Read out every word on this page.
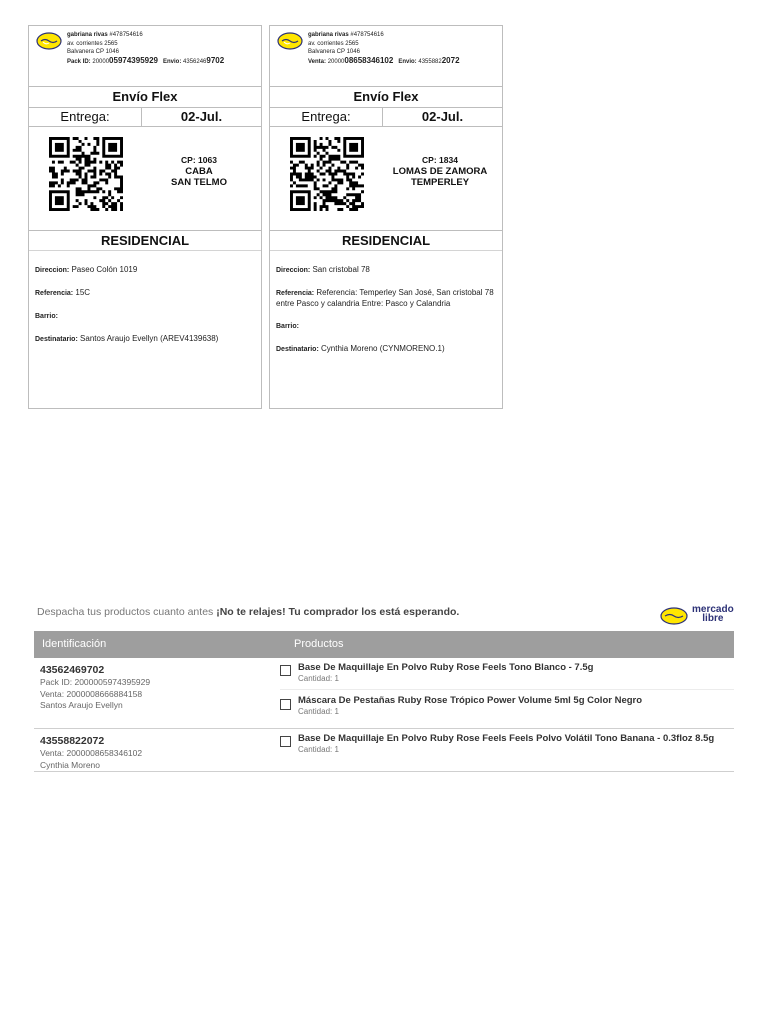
gabriana rivas #478754616
av. corrientes 2565
Balvanera CP 1046
Pack ID: 2000005974395929 Envio: 43562469702
Envío Flex
Entrega:	02-Jul.
CP: 1063
CABA
SAN TELMO
RESIDENCIAL

Direccion: Paseo Colón 1019

Referencia: 15C

Barrio:

Destinatario: Santos Araujo Evellyn (AREV4139638)

gabriana rivas #478754616
av. corrientes 2565
Balvanera CP 1046
Venta: 2000008658346102 Envio: 43558822072
Envío Flex
Entrega:	02-Jul.
CP: 1834
LOMAS DE ZAMORA
TEMPERLEY
RESIDENCIAL

Direccion: San cristobal 78

Referencia: Referencia: Temperley San José, San cristobal 78 entre Pasco y calandria Entre: Pasco y Calandria

Barrio:

Destinatario: Cynthia Moreno (CYNMORENO.1)

Despacha tus productos cuanto antes ¡No te relajes! Tu comprador los está esperando.	mercado
libre
Identificación	Productos
43562469702
Pack ID: 2000005974395929
Venta: 2000008666884158
Santos Araujo Evellyn
Base De Maquillaje En Polvo Ruby Rose Feels Tono Blanco - 7.5g
Cantidad: 1
Máscara De Pestañas Ruby Rose Trópico Power Volume 5ml 5g Color Negro
Cantidad: 1
43558822072
Venta: 2000008658346102
Cynthia Moreno
Base De Maquillaje En Polvo Ruby Rose Feels Feels Polvo Volátil Tono Banana - 0.3floz 8.5g
Cantidad: 1
